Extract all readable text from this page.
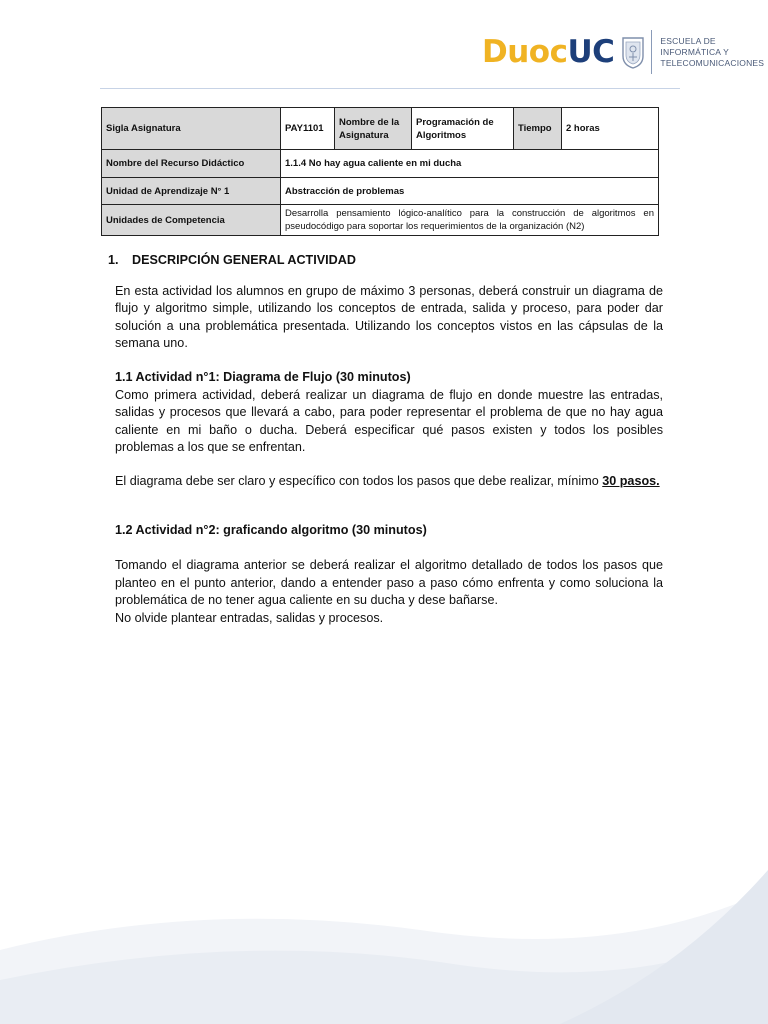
Duoc UC	ESCUELA DE
INFORMÁTICA Y
TELECOMUNICACIONES
Sigla Asignatura	PAY1101	Nombre de la Asignatura	Programación de Algoritmos	Tiempo	2 horas
Nombre del Recurso Didáctico	1.1.4 No hay agua caliente en mi ducha				
Unidad de Aprendizaje N° 1	Abstracción de problemas				
Unidades de Competencia	Desarrolla pensamiento lógico-analítico para la construcción de algoritmos en pseudocódigo para soportar los requerimientos de la organización (N2)				
1. DESCRIPCIÓN GENERAL ACTIVIDAD

En esta actividad los alumnos en grupo de máximo 3 personas, deberá construir un diagrama de flujo y algoritmo simple, utilizando los conceptos de entrada, salida y proceso, para poder dar solución a una problemática presentada. Utilizando los conceptos vistos en las cápsulas de la semana uno.

1.1 Actividad n°1: Diagrama de Flujo (30 minutos)

Como primera actividad, deberá realizar un diagrama de flujo en donde muestre las entradas, salidas y procesos que llevará a cabo, para poder representar el problema de que no hay agua caliente en mi baño o ducha. Deberá especificar qué pasos existen y todos los posibles problemas a los que se enfrentan.

El diagrama debe ser claro y específico con todos los pasos que debe realizar, mínimo 30 pasos.

1.2 Actividad n°2: graficando algoritmo (30 minutos)

Tomando el diagrama anterior se deberá realizar el algoritmo detallado de todos los pasos que planteo en el punto anterior, dando a entender paso a paso cómo enfrenta y como soluciona la problemática de no tener agua caliente en su ducha y dese bañarse.

No olvide plantear entradas, salidas y procesos.
